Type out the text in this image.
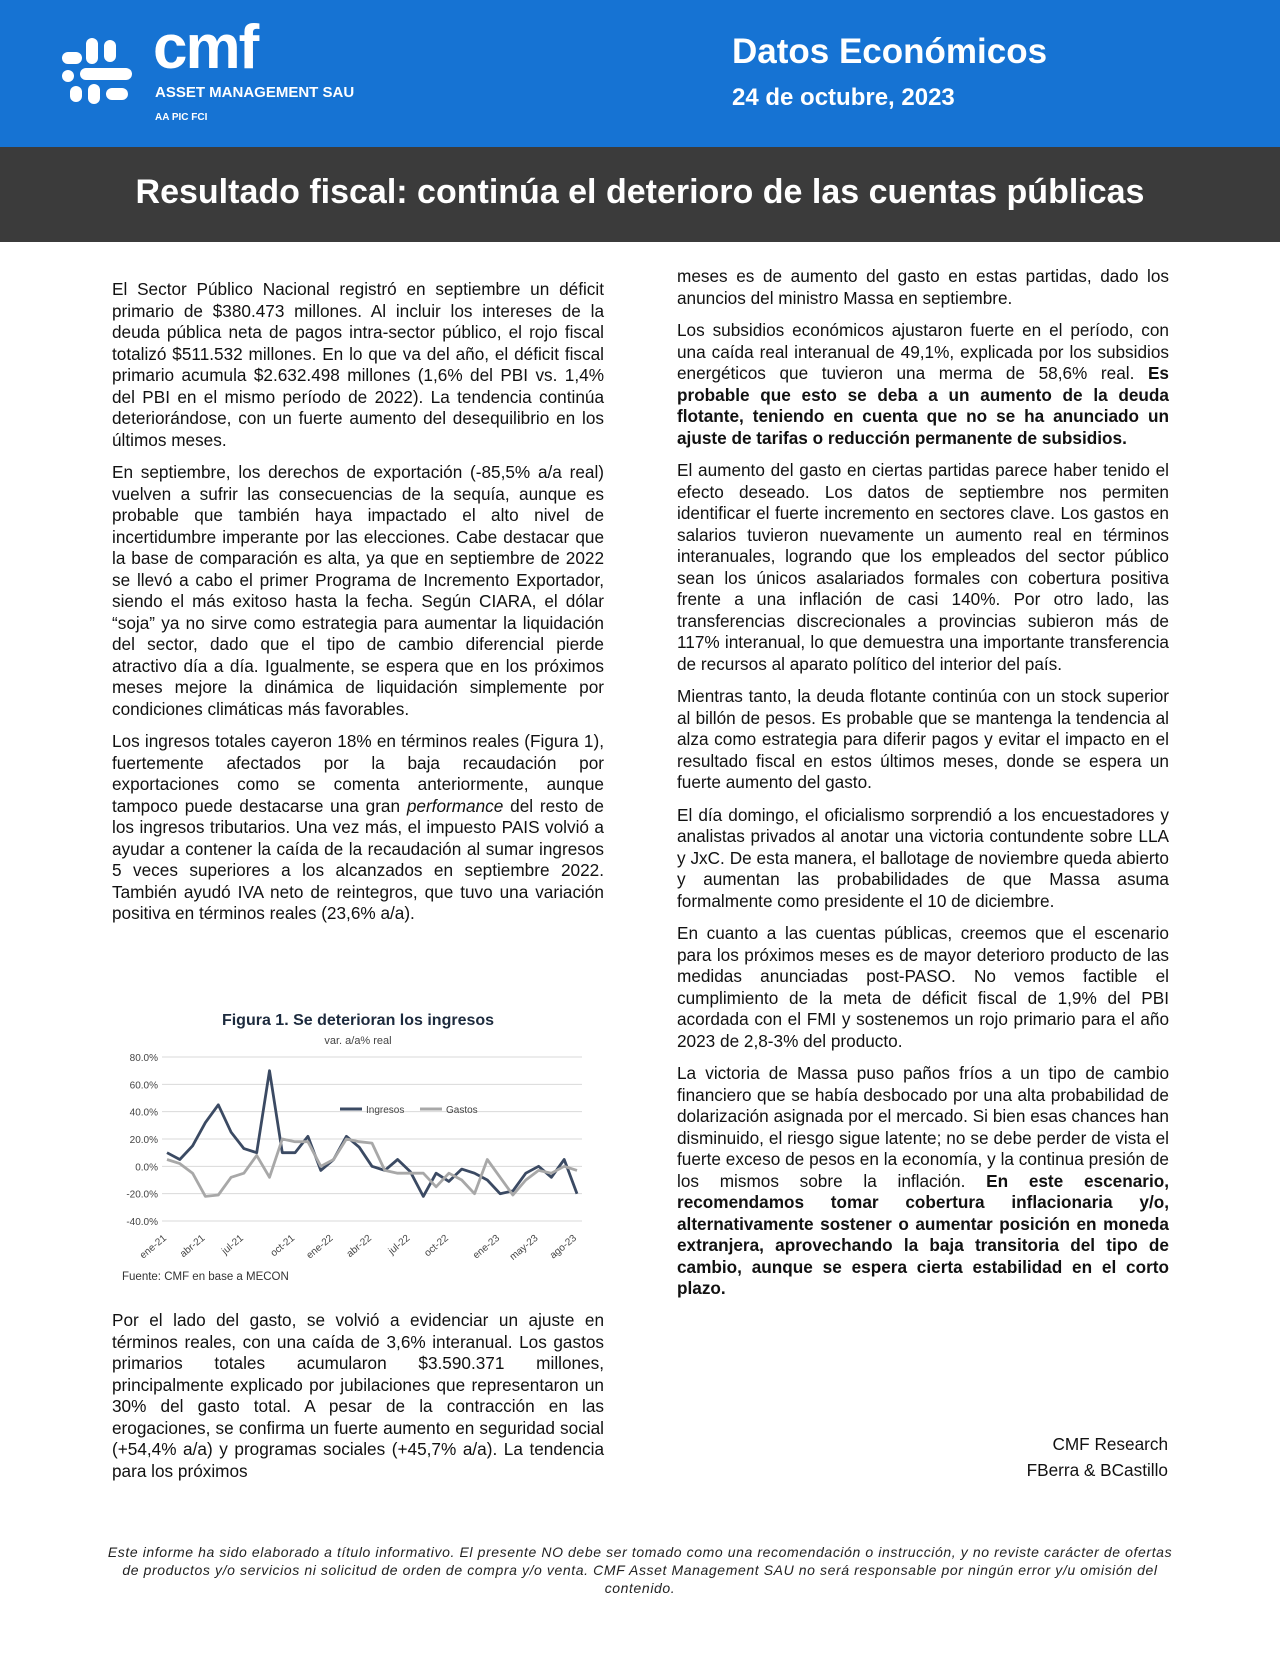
cmf
ASSET MANAGEMENT SAU
AA PIC FCI
Datos Económicos
24 de octubre, 2023
Resultado fiscal: continúa el deterioro de las cuentas públicas

El Sector Público Nacional registró en septiembre un déficit primario de $380.473 millones. Al incluir los intereses de la deuda pública neta de pagos intra-sector público, el rojo fiscal totalizó $511.532 millones. En lo que va del año, el déficit fiscal primario acumula $2.632.498 millones (1,6% del PBI vs. 1,4% del PBI en el mismo período de 2022). La tendencia continúa deteriorándose, con un fuerte aumento del desequilibrio en los últimos meses.

En septiembre, los derechos de exportación (-85,5% a/a real) vuelven a sufrir las consecuencias de la sequía, aunque es probable que también haya impactado el alto nivel de incertidumbre imperante por las elecciones. Cabe destacar que la base de comparación es alta, ya que en septiembre de 2022 se llevó a cabo el primer Programa de Incremento Exportador, siendo el más exitoso hasta la fecha. Según CIARA, el dólar “soja” ya no sirve como estrategia para aumentar la liquidación del sector, dado que el tipo de cambio diferencial pierde atractivo día a día. Igualmente, se espera que en los próximos meses mejore la dinámica de liquidación simplemente por condiciones climáticas más favorables.

Los ingresos totales cayeron 18% en términos reales (Figura 1), fuertemente afectados por la baja recaudación por exportaciones como se comenta anteriormente, aunque tampoco puede destacarse una gran performance del resto de los ingresos tributarios. Una vez más, el impuesto PAIS volvió a ayudar a contener la caída de la recaudación al sumar ingresos 5 veces superiores a los alcanzados en septiembre 2022. También ayudó IVA neto de reintegros, que tuvo una variación positiva en términos reales (23,6% a/a).

Figura 1. Se deterioran los ingresos
var. a/a% real
80.0%
60.0%
40.0%
20.0%
0.0%
-20.0%
-40.0%
ene-21 abr-21 jul-21 oct-21 ene-22 abr-22 jul-22 oct-22 ene-23 may-23 ago-23
Ingresos	Gastos
Fuente: CMF en base a MECON

Por el lado del gasto, se volvió a evidenciar un ajuste en términos reales, con una caída de 3,6% interanual. Los gastos primarios totales acumularon $3.590.371 millones, principalmente explicado por jubilaciones que representaron un 30% del gasto total. A pesar de la contracción en las erogaciones, se confirma un fuerte aumento en seguridad social (+54,4% a/a) y programas sociales (+45,7% a/a). La tendencia para los próximos

meses es de aumento del gasto en estas partidas, dado los anuncios del ministro Massa en septiembre.

Los subsidios económicos ajustaron fuerte en el período, con una caída real interanual de 49,1%, explicada por los subsidios energéticos que tuvieron una merma de 58,6% real. Es probable que esto se deba a un aumento de la deuda flotante, teniendo en cuenta que no se ha anunciado un ajuste de tarifas o reducción permanente de subsidios.

El aumento del gasto en ciertas partidas parece haber tenido el efecto deseado. Los datos de septiembre nos permiten identificar el fuerte incremento en sectores clave. Los gastos en salarios tuvieron nuevamente un aumento real en términos interanuales, logrando que los empleados del sector público sean los únicos asalariados formales con cobertura positiva frente a una inflación de casi 140%. Por otro lado, las transferencias discrecionales a provincias subieron más de 117% interanual, lo que demuestra una importante transferencia de recursos al aparato político del interior del país.

Mientras tanto, la deuda flotante continúa con un stock superior al billón de pesos. Es probable que se mantenga la tendencia al alza como estrategia para diferir pagos y evitar el impacto en el resultado fiscal en estos últimos meses, donde se espera un fuerte aumento del gasto.

El día domingo, el oficialismo sorprendió a los encuestadores y analistas privados al anotar una victoria contundente sobre LLA y JxC. De esta manera, el ballotage de noviembre queda abierto y aumentan las probabilidades de que Massa asuma formalmente como presidente el 10 de diciembre.

En cuanto a las cuentas públicas, creemos que el escenario para los próximos meses es de mayor deterioro producto de las medidas anunciadas post-PASO. No vemos factible el cumplimiento de la meta de déficit fiscal de 1,9% del PBI acordada con el FMI y sostenemos un rojo primario para el año 2023 de 2,8-3% del producto.

La victoria de Massa puso paños fríos a un tipo de cambio financiero que se había desbocado por una alta probabilidad de dolarización asignada por el mercado. Si bien esas chances han disminuido, el riesgo sigue latente; no se debe perder de vista el fuerte exceso de pesos en la economía, y la continua presión de los mismos sobre la inflación. En este escenario, recomendamos tomar cobertura inflacionaria y/o, alternativamente sostener o aumentar posición en moneda extranjera, aprovechando la baja transitoria del tipo de cambio, aunque se espera cierta estabilidad en el corto plazo.

CMF Research
FBerra & BCastillo
Este informe ha sido elaborado a título informativo. El presente NO debe ser tomado como una recomendación o instrucción, y no reviste carácter de ofertas de productos y/o servicios ni solicitud de orden de compra y/o venta. CMF Asset Management SAU no será responsable por ningún error y/u omisión del contenido.
